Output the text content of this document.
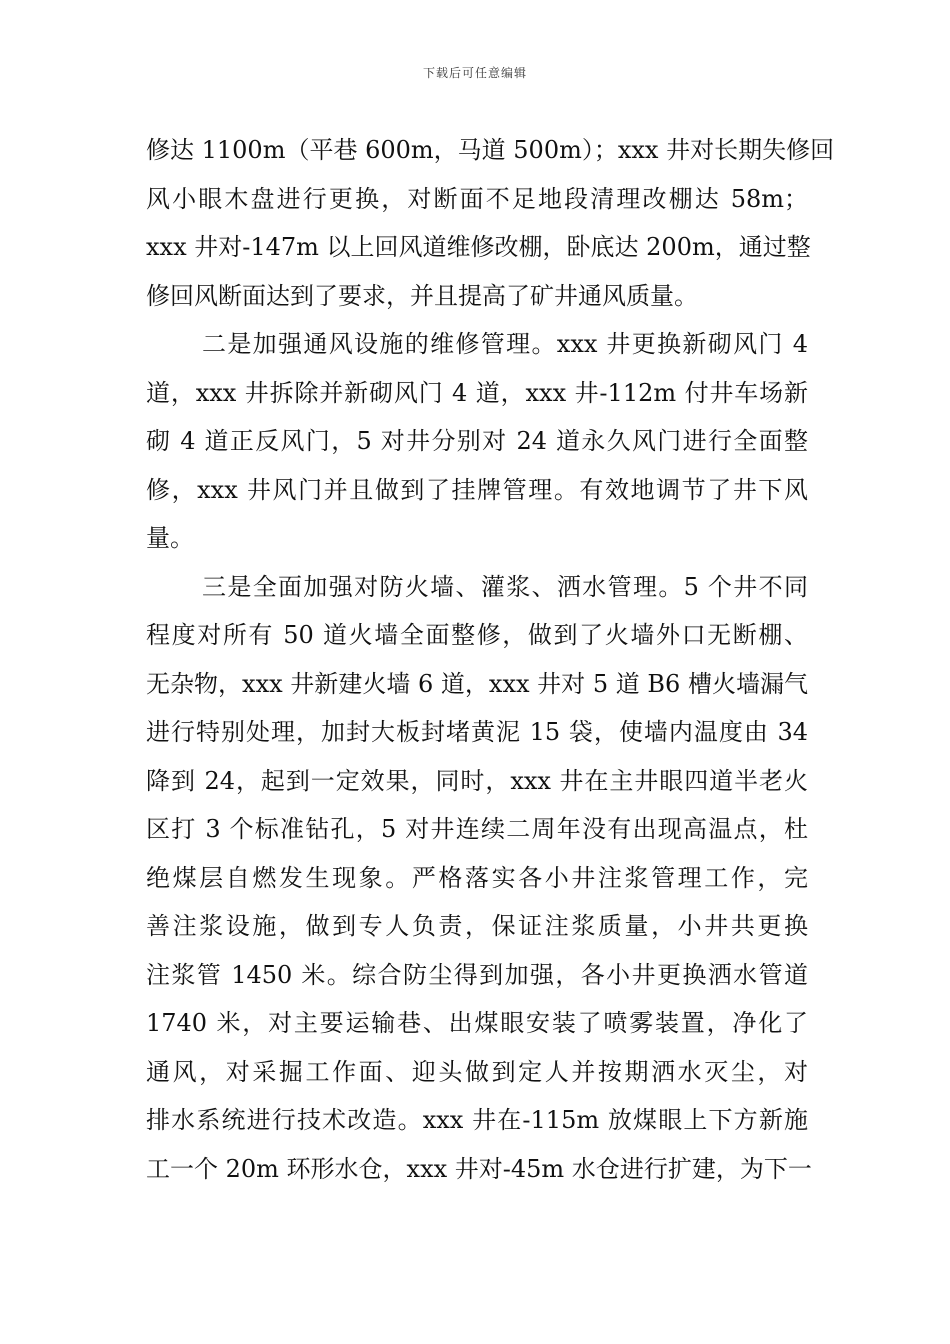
下载后可任意编辑
修达 1100m（平巷 600m，马道 500m）；xxx 井对长期失修回
风小眼木盘进行更换，对断面不足地段清理改棚达 58m；
xxx 井对-147m 以上回风道维修改棚，卧底达 200m，通过整
修回风断面达到了要求，并且提高了矿井通风质量。
二是加强通风设施的维修管理。xxx 井更换新砌风门 4
道，xxx 井拆除并新砌风门 4 道，xxx 井-112m 付井车场新
砌 4 道正反风门，5 对井分别对 24 道永久风门进行全面整
修，xxx 井风门并且做到了挂牌管理。有效地调节了井下风
量。
三是全面加强对防火墙、灌浆、洒水管理。5 个井不同
程度对所有 50 道火墙全面整修，做到了火墙外口无断棚、
无杂物，xxx 井新建火墙 6 道，xxx 井对 5 道 B6 槽火墙漏气
进行特别处理，加封大板封堵黄泥 15 袋，使墙内温度由 34
降到 24，起到一定效果，同时，xxx 井在主井眼四道半老火
区打 3 个标准钻孔，5 对井连续二周年没有出现高温点，杜
绝煤层自燃发生现象。严格落实各小井注浆管理工作，完
善注浆设施，做到专人负责，保证注浆质量，小井共更换
注浆管 1450 米。综合防尘得到加强，各小井更换洒水管道
1740 米，对主要运输巷、出煤眼安装了喷雾装置，净化了
通风，对采掘工作面、迎头做到定人并按期洒水灭尘，对
排水系统进行技术改造。xxx 井在-115m 放煤眼上下方新施
工一个 20m 环形水仓，xxx 井对-45m 水仓进行扩建，为下一
